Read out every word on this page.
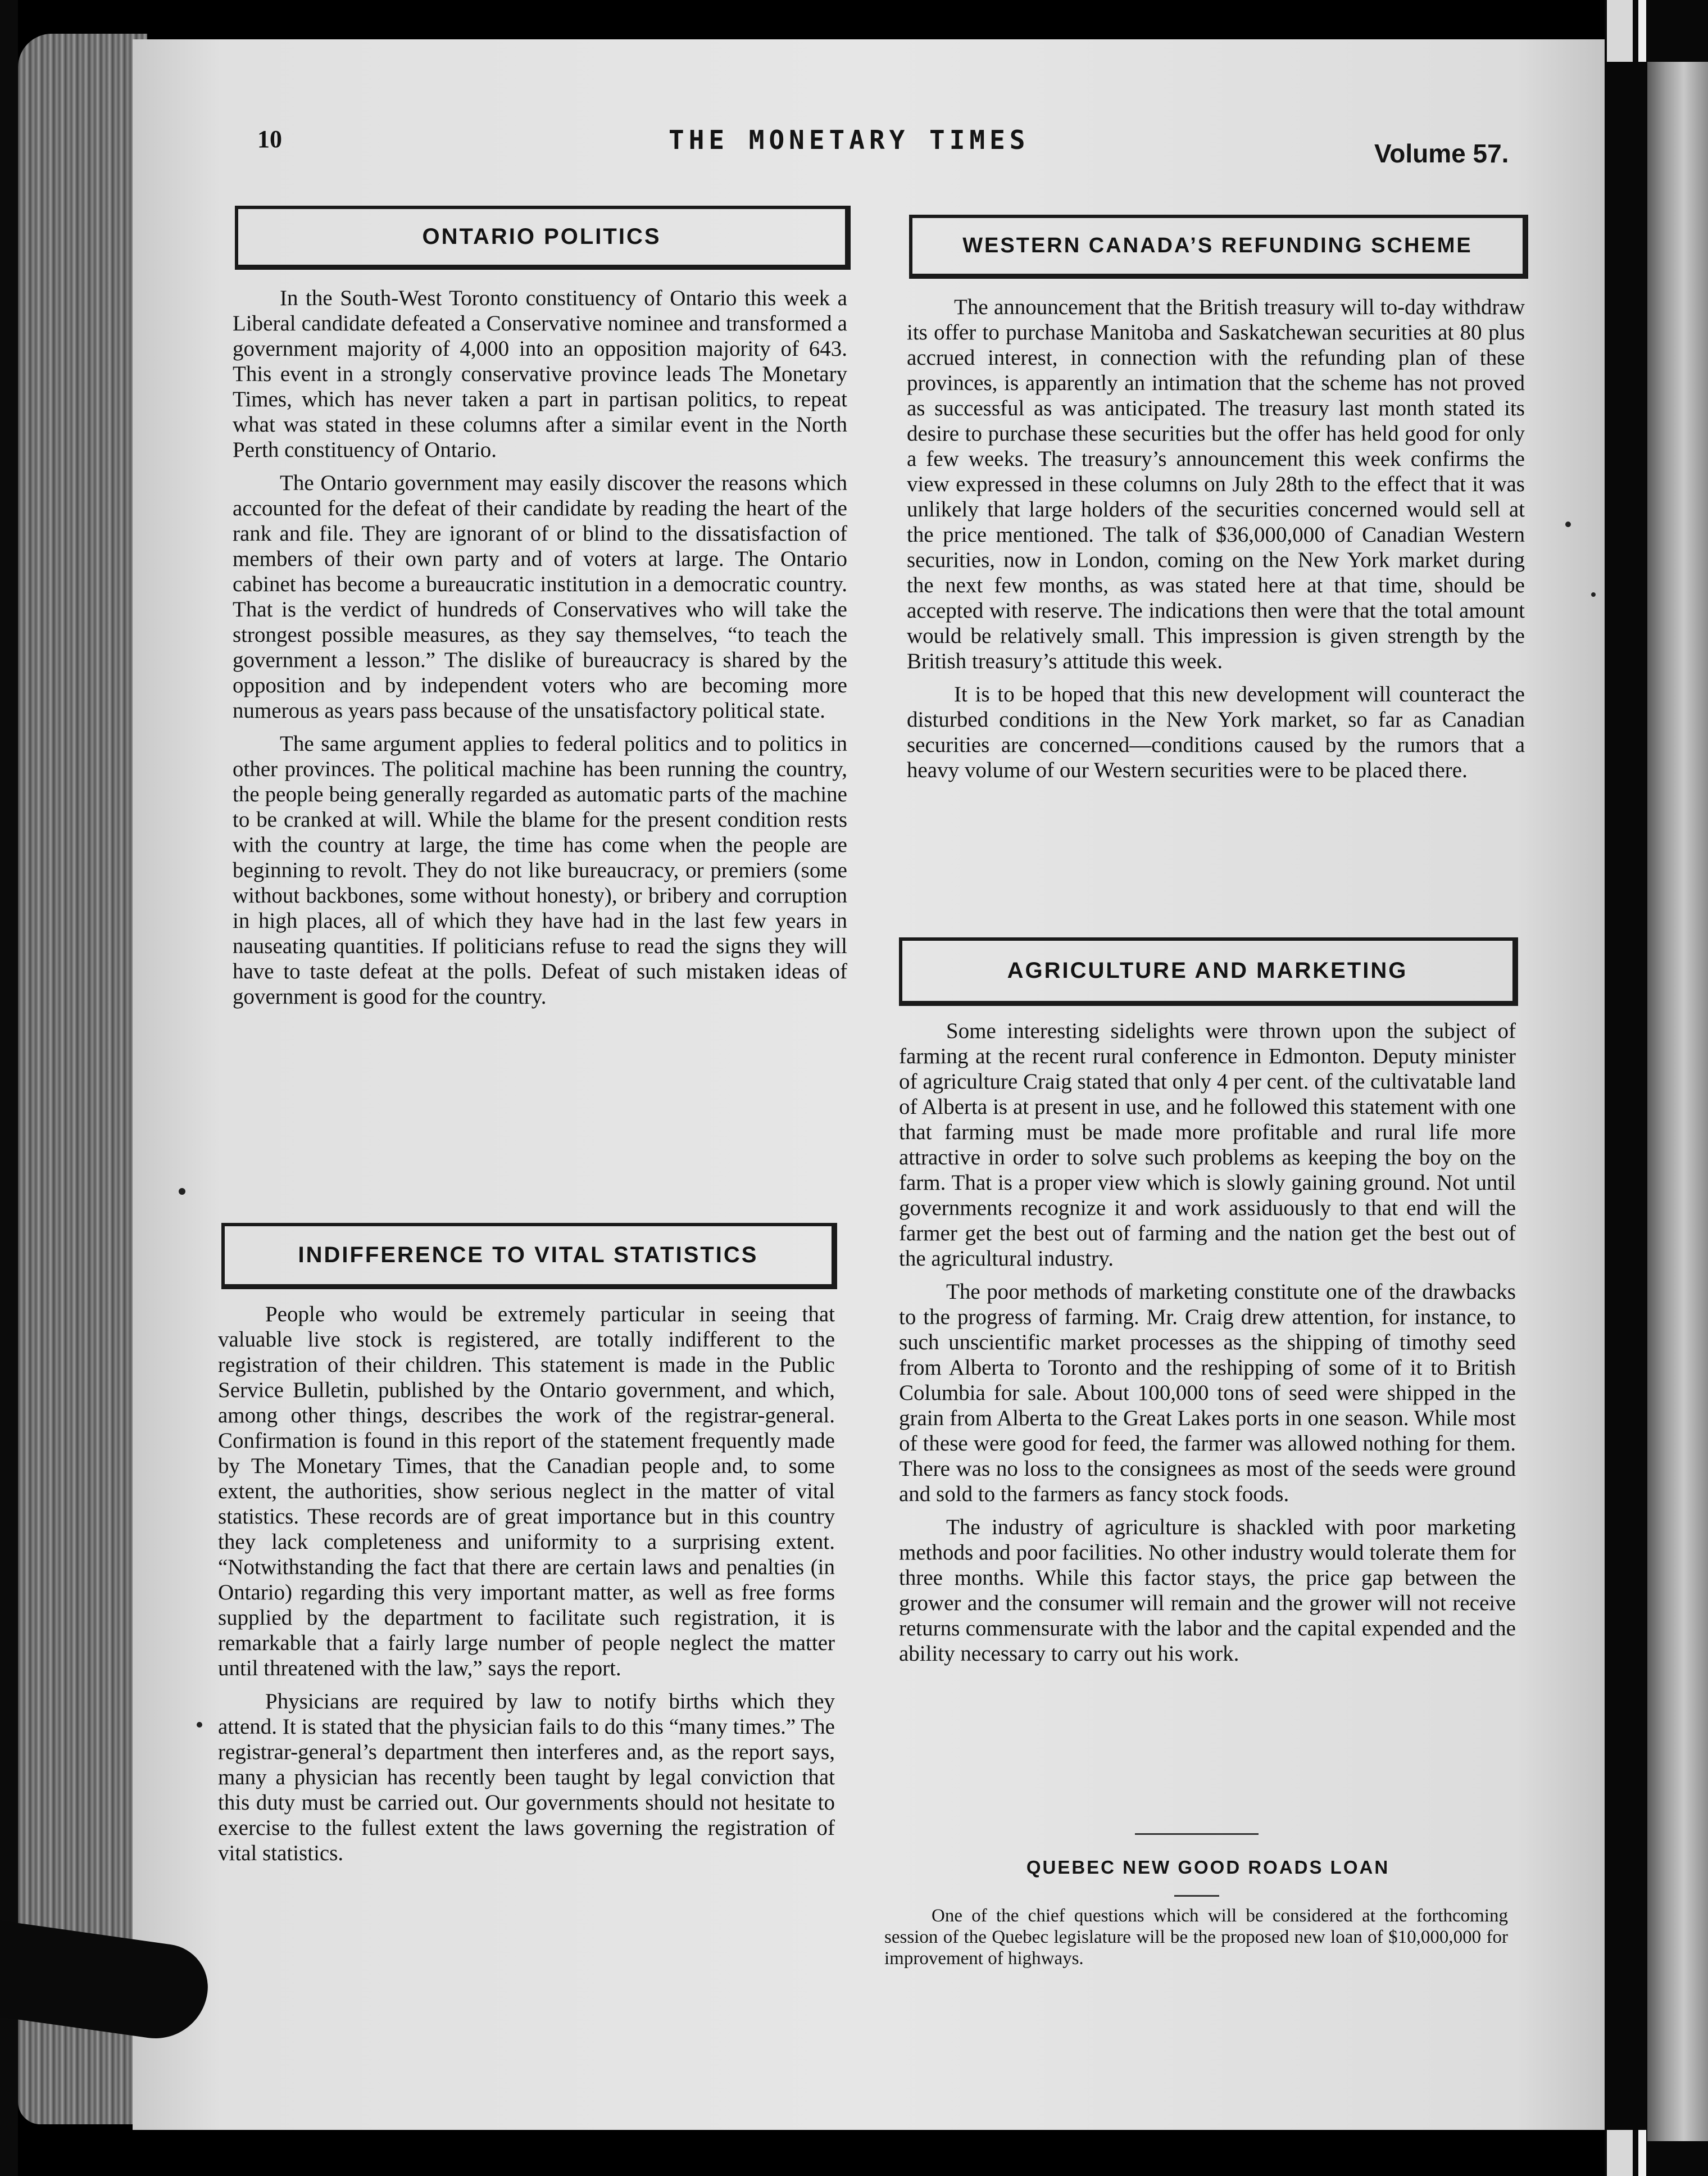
10	THE MONETARY TIMES	Volume 57.
ONTARIO POLITICS

In the South-West Toronto constituency of Ontario this week a Liberal candidate defeated a Conservative nominee and transformed a government majority of 4,000 into an opposition majority of 643. This event in a strongly conservative province leads The Monetary Times, which has never taken a part in partisan politics, to repeat what was stated in these columns after a similar event in the North Perth constituency of Ontario.

The Ontario government may easily discover the reasons which accounted for the defeat of their candidate by reading the heart of the rank and file. They are ignorant of or blind to the dissatisfaction of members of their own party and of voters at large. The Ontario cabinet has become a bureaucratic institution in a democratic country. That is the verdict of hundreds of Conservatives who will take the strongest possible measures, as they say themselves, “to teach the government a lesson.” The dislike of bureaucracy is shared by the opposition and by independent voters who are becoming more numerous as years pass because of the unsatisfactory political state.

The same argument applies to federal politics and to politics in other provinces. The political machine has been running the country, the people being generally regarded as automatic parts of the machine to be cranked at will. While the blame for the present condition rests with the country at large, the time has come when the people are beginning to revolt. They do not like bureaucracy, or premiers (some without backbones, some without honesty), or bribery and corruption in high places, all of which they have had in the last few years in nauseating quantities. If politicians refuse to read the signs they will have to taste defeat at the polls. Defeat of such mistaken ideas of government is good for the country.

INDIFFERENCE TO VITAL STATISTICS

People who would be extremely particular in seeing that valuable live stock is registered, are totally indifferent to the registration of their children. This statement is made in the Public Service Bulletin, published by the Ontario government, and which, among other things, describes the work of the registrar-general. Confirmation is found in this report of the statement frequently made by The Monetary Times, that the Canadian people and, to some extent, the authorities, show serious neglect in the matter of vital statistics. These records are of great importance but in this country they lack completeness and uniformity to a surprising extent. “Notwithstanding the fact that there are certain laws and penalties (in Ontario) regarding this very important matter, as well as free forms supplied by the department to facilitate such registration, it is remarkable that a fairly large number of people neglect the matter until threatened with the law,” says the report.

Physicians are required by law to notify births which they attend. It is stated that the physician fails to do this “many times.” The registrar-general’s department then interferes and, as the report says, many a physician has recently been taught by legal conviction that this duty must be carried out. Our governments should not hesitate to exercise to the fullest extent the laws governing the registration of vital statistics.

WESTERN CANADA’S REFUNDING SCHEME

The announcement that the British treasury will to-day withdraw its offer to purchase Manitoba and Saskatchewan securities at 80 plus accrued interest, in connection with the refunding plan of these provinces, is apparently an intimation that the scheme has not proved as successful as was anticipated. The treasury last month stated its desire to purchase these securities but the offer has held good for only a few weeks. The treasury’s announcement this week confirms the view expressed in these columns on July 28th to the effect that it was unlikely that large holders of the securities concerned would sell at the price mentioned. The talk of $36,000,000 of Canadian Western securities, now in London, coming on the New York market during the next few months, as was stated here at that time, should be accepted with reserve. The indications then were that the total amount would be relatively small. This impression is given strength by the British treasury’s attitude this week.

It is to be hoped that this new development will counteract the disturbed conditions in the New York market, so far as Canadian securities are concerned—conditions caused by the rumors that a heavy volume of our Western securities were to be placed there.

AGRICULTURE AND MARKETING

Some interesting sidelights were thrown upon the subject of farming at the recent rural conference in Edmonton. Deputy minister of agriculture Craig stated that only 4 per cent. of the cultivatable land of Alberta is at present in use, and he followed this statement with one that farming must be made more profitable and rural life more attractive in order to solve such problems as keeping the boy on the farm. That is a proper view which is slowly gaining ground. Not until governments recognize it and work assiduously to that end will the farmer get the best out of farming and the nation get the best out of the agricultural industry.

The poor methods of marketing constitute one of the drawbacks to the progress of farming. Mr. Craig drew attention, for instance, to such unscientific market processes as the shipping of timothy seed from Alberta to Toronto and the reshipping of some of it to British Columbia for sale. About 100,000 tons of seed were shipped in the grain from Alberta to the Great Lakes ports in one season. While most of these were good for feed, the farmer was allowed nothing for them. There was no loss to the consignees as most of the seeds were ground and sold to the farmers as fancy stock foods.

The industry of agriculture is shackled with poor marketing methods and poor facilities. No other industry would tolerate them for three months. While this factor stays, the price gap between the grower and the consumer will remain and the grower will not receive returns commensurate with the labor and the capital expended and the ability necessary to carry out his work.

QUEBEC NEW GOOD ROADS LOAN

One of the chief questions which will be considered at the forthcoming session of the Quebec legislature will be the proposed new loan of $10,000,000 for improvement of highways.
